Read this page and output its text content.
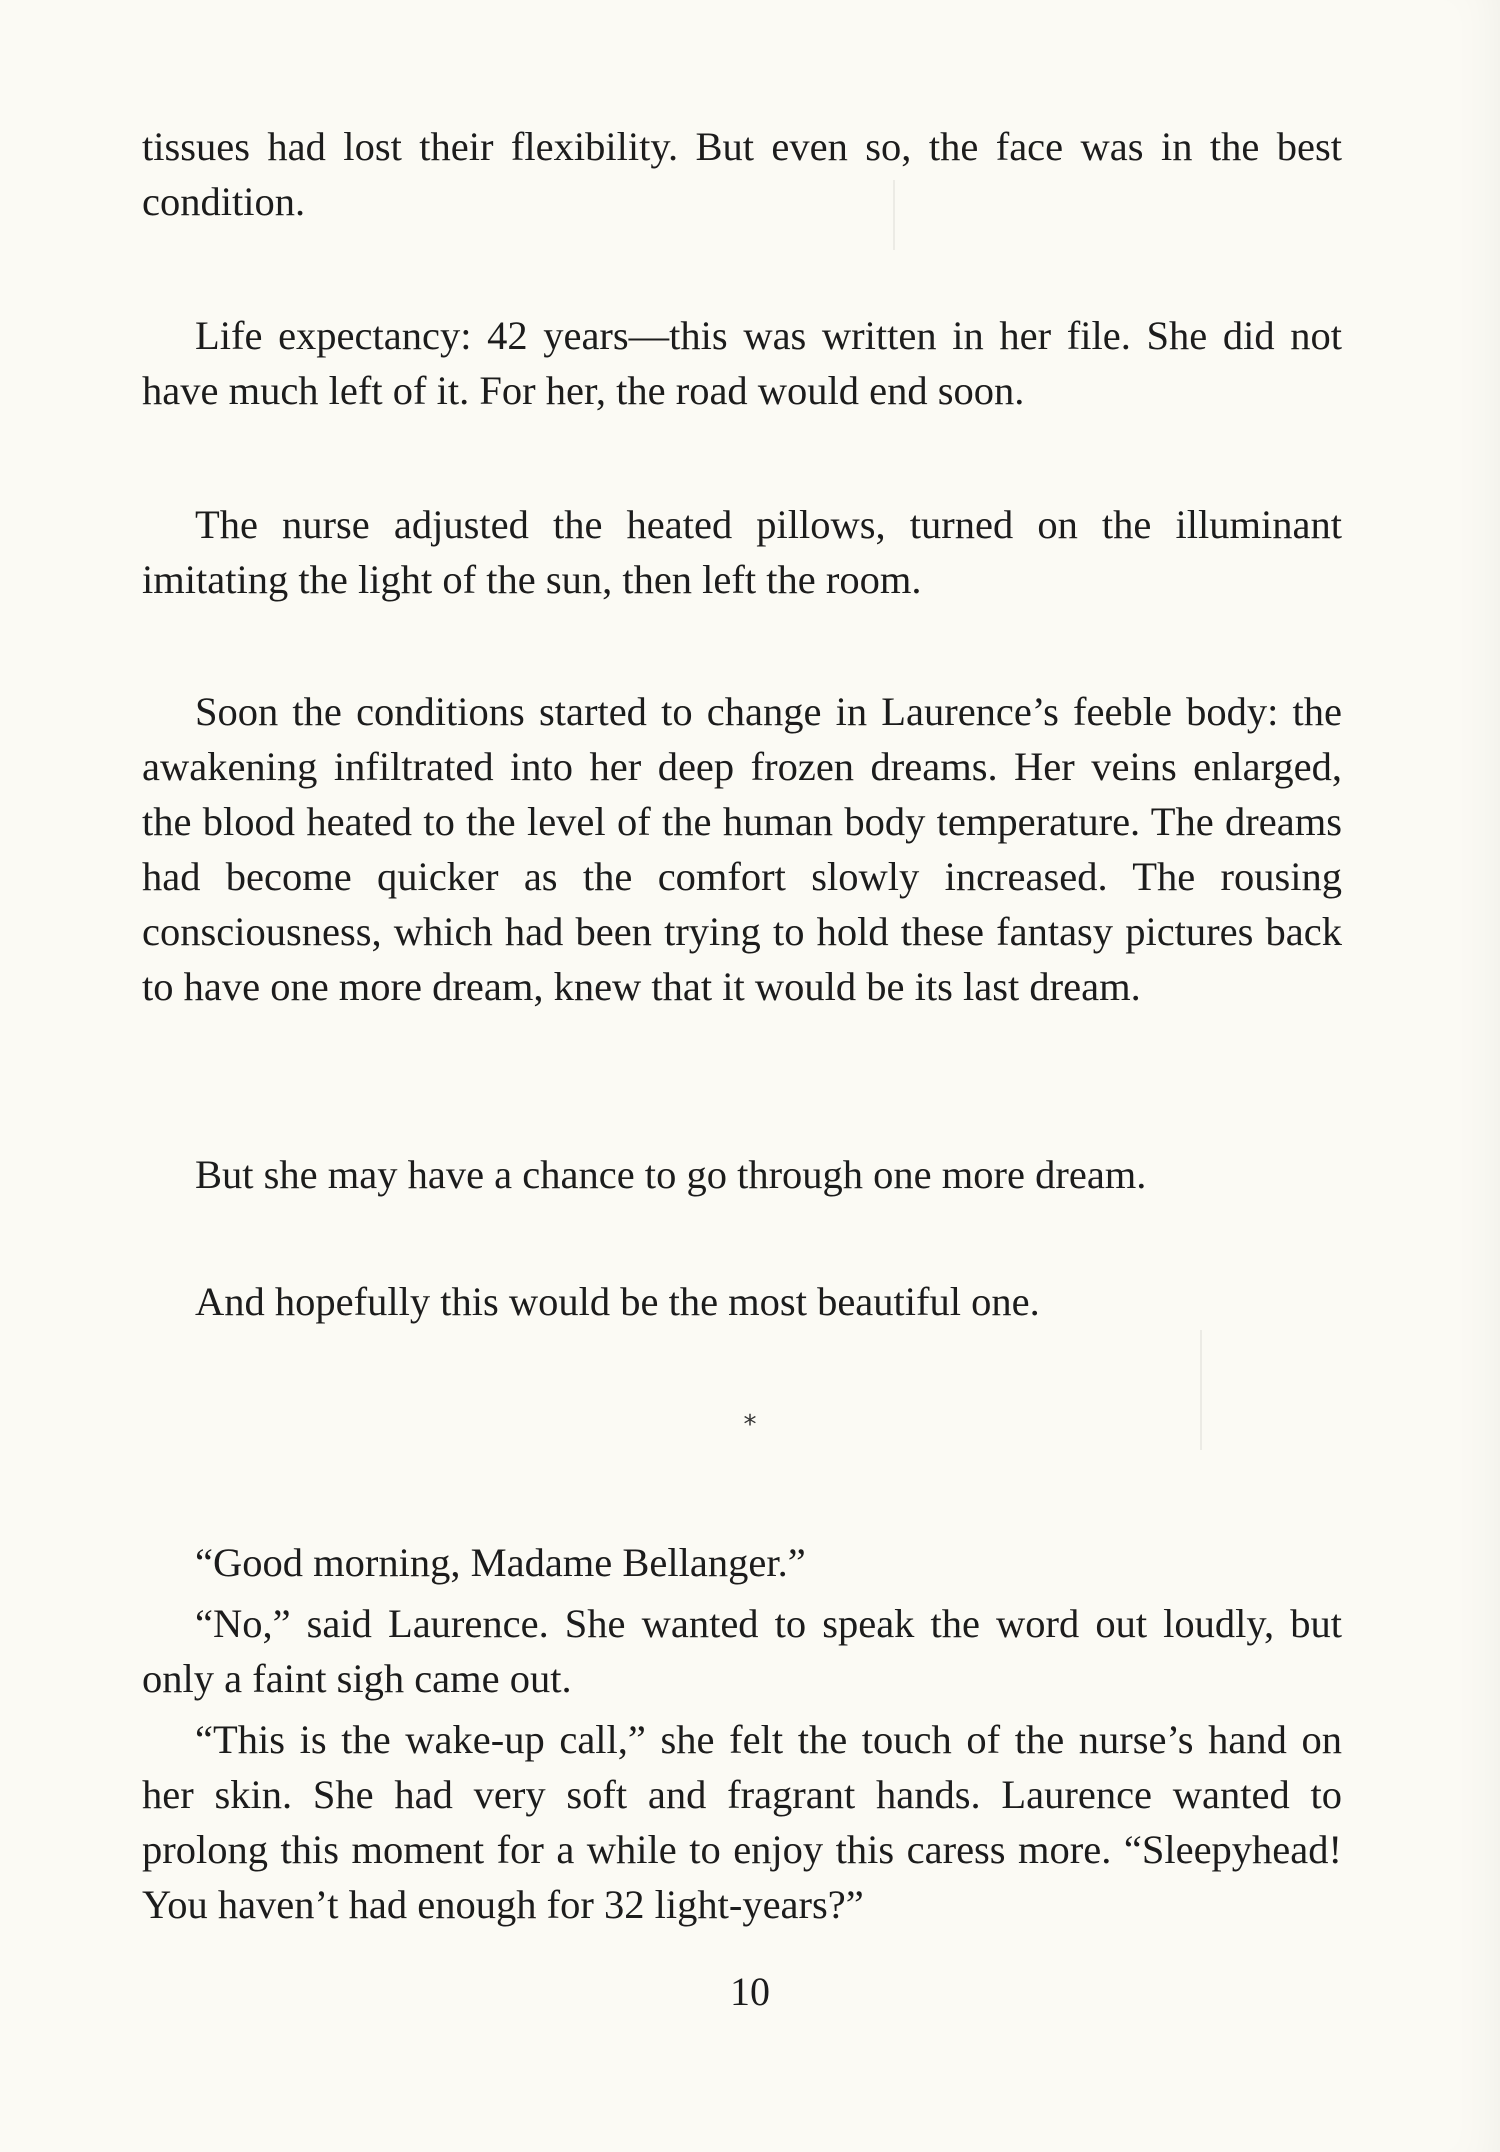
tissues had lost their flexibility. But even so, the face was in the best condition.

Life expectancy: 42 years—this was written in her file. She did not have much left of it. For her, the road would end soon.

The nurse adjusted the heated pillows, turned on the illuminant imitating the light of the sun, then left the room.

Soon the conditions started to change in Laurence’s feeble body: the awakening infiltrated into her deep frozen dreams. Her veins enlarged, the blood heated to the level of the human body temperature. The dreams had become quicker as the comfort slowly increased. The rousing consciousness, which had been trying to hold these fantasy pictures back to have one more dream, knew that it would be its last dream.

But she may have a chance to go through one more dream.

And hopefully this would be the most beautiful one.

*

“Good morning, Madame Bellanger.”

“No,” said Laurence. She wanted to speak the word out loudly, but only a faint sigh came out.

“This is the wake-up call,” she felt the touch of the nurse’s hand on her skin. She had very soft and fragrant hands. Laurence wanted to prolong this moment for a while to enjoy this caress more. “Sleepyhead! You haven’t had enough for 32 light-years?”

10
